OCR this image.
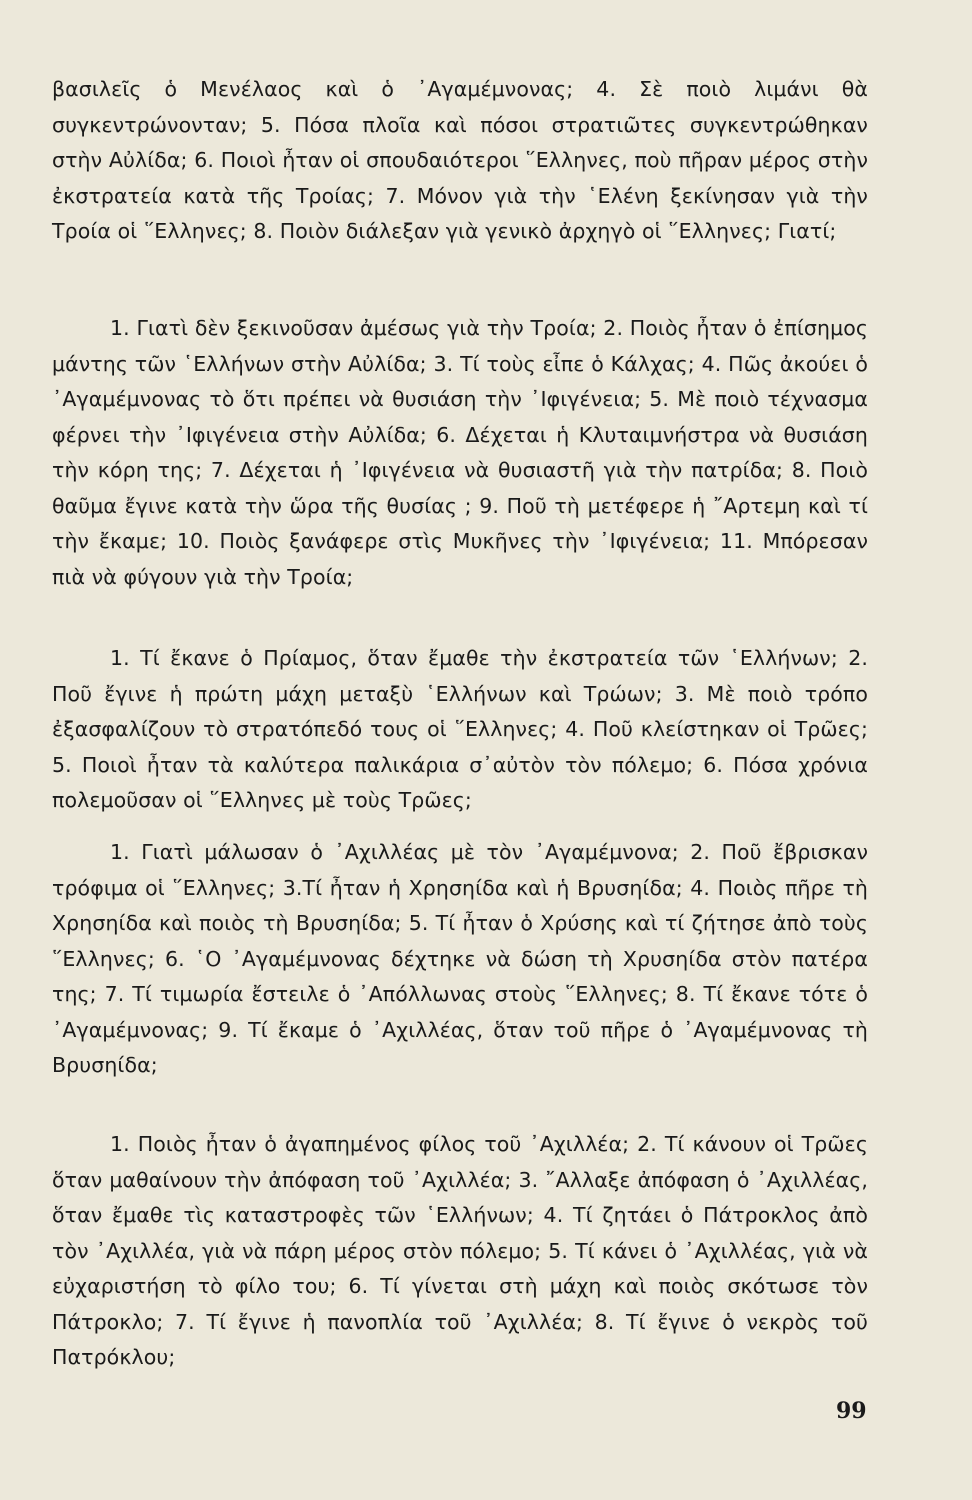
βασιλεῖς ὁ Μενέλαος καὶ ὁ ᾿Αγαμέμνονας; 4. Σὲ ποιὸ λιμάνι θὰ συγκεντρώνονταν; 5. Πόσα πλοῖα καὶ πόσοι στρατιῶτες συγκεντρώθηκαν στὴν Αὐλίδα; 6. Ποιοὶ ἦταν οἱ σπουδαιότεροι ῞Ελληνες, ποὺ πῆραν μέρος στὴν ἐκστρατεία κατὰ τῆς Τροίας; 7. Μόνον γιὰ τὴν ῾Ελένη ξεκίνησαν γιὰ τὴν Τροία οἱ ῞Ελληνες; 8. Ποιὸν διάλεξαν γιὰ γενικὸ ἀρχηγὸ οἱ ῞Ελληνες; Γιατί;

1. Γιατὶ δὲν ξεκινοῦσαν ἀμέσως γιὰ τὴν Τροία; 2. Ποιὸς ἦταν ὁ ἐπίσημος μάντης τῶν ῾Ελλήνων στὴν Αὐλίδα; 3. Τί τοὺς εἶπε ὁ Κάλχας; 4. Πῶς ἀκούει ὁ ᾿Αγαμέμνονας τὸ ὅτι πρέπει νὰ θυσιάση τὴν ᾿Ιφιγένεια; 5. Μὲ ποιὸ τέχνασμα φέρνει τὴν ᾿Ιφιγένεια στὴν Αὐλίδα; 6. Δέχεται ἡ Κλυταιμνήστρα νὰ θυσιάση τὴν κόρη της; 7. Δέχεται ἡ ᾿Ιφιγένεια νὰ θυσιαστῆ γιὰ τὴν πατρίδα; 8. Ποιὸ θαῦμα ἔγινε κατὰ τὴν ὥρα τῆς θυσίας ; 9. Ποῦ τὴ μετέφερε ἡ ῎Αρτεμη καὶ τί τὴν ἔκαμε; 10. Ποιὸς ξανάφερε στὶς Μυκῆνες τὴν ᾿Ιφιγένεια; 11. Μπόρεσαν πιὰ νὰ φύγουν γιὰ τὴν Τροία;

1. Τί ἔκανε ὁ Πρίαμος, ὅταν ἔμαθε τὴν ἐκστρατεία τῶν ῾Ελλήνων; 2. Ποῦ ἔγινε ἡ πρώτη μάχη μεταξὺ ῾Ελλήνων καὶ Τρώων; 3. Μὲ ποιὸ τρόπο ἐξασφαλίζουν τὸ στρατόπεδό τους οἱ ῞Ελληνες; 4. Ποῦ κλείστηκαν οἱ Τρῶες; 5. Ποιοὶ ἦταν τὰ καλύτερα παλικάρια σ᾿αὐτὸν τὸν πόλεμο; 6. Πόσα χρόνια πολεμοῦσαν οἱ ῞Ελληνες μὲ τοὺς Τρῶες;

1. Γιατὶ μάλωσαν ὁ ᾿Αχιλλέας μὲ τὸν ᾿Αγαμέμνονα; 2. Ποῦ ἔβρισκαν τρόφιμα οἱ ῞Ελληνες; 3.Τί ἦταν ἡ Χρησηίδα καὶ ἡ Βρυσηίδα; 4. Ποιὸς πῆρε τὴ Χρησηίδα καὶ ποιὸς τὴ Βρυσηίδα; 5. Τί ἦταν ὁ Χρύσης καὶ τί ζήτησε ἀπὸ τοὺς ῞Ελληνες; 6. ῾Ο ᾿Αγαμέμνονας δέχτηκε νὰ δώση τὴ Χρυσηίδα στὸν πατέρα της; 7. Τί τιμωρία ἔστειλε ὁ ᾿Απόλλωνας στοὺς ῞Ελληνες; 8. Τί ἔκανε τότε ὁ ᾿Αγαμέμνονας; 9. Τί ἔκαμε ὁ ᾿Αχιλλέας, ὅταν τοῦ πῆρε ὁ ᾿Αγαμέμνονας τὴ Βρυσηίδα;

1. Ποιὸς ἦταν ὁ ἀγαπημένος φίλος τοῦ ᾿Αχιλλέα; 2. Τί κάνουν οἱ Τρῶες ὅταν μαθαίνουν τὴν ἀπόφαση τοῦ ᾿Αχιλλέα; 3. ῎Αλλαξε ἀπόφαση ὁ ᾿Αχιλλέας, ὅταν ἔμαθε τὶς καταστροφὲς τῶν ῾Ελλήνων; 4. Τί ζητάει ὁ Πάτροκλος ἀπὸ τὸν ᾿Αχιλλέα, γιὰ νὰ πάρη μέρος στὸν πόλεμο; 5. Τί κάνει ὁ ᾿Αχιλλέας, γιὰ νὰ εὐχαριστήση τὸ φίλο του; 6. Τί γίνεται στὴ μάχη καὶ ποιὸς σκότωσε τὸν Πάτροκλο; 7. Τί ἔγινε ἡ πανοπλία τοῦ ᾿Αχιλλέα; 8. Τί ἔγινε ὁ νεκρὸς τοῦ Πατρόκλου;

99
